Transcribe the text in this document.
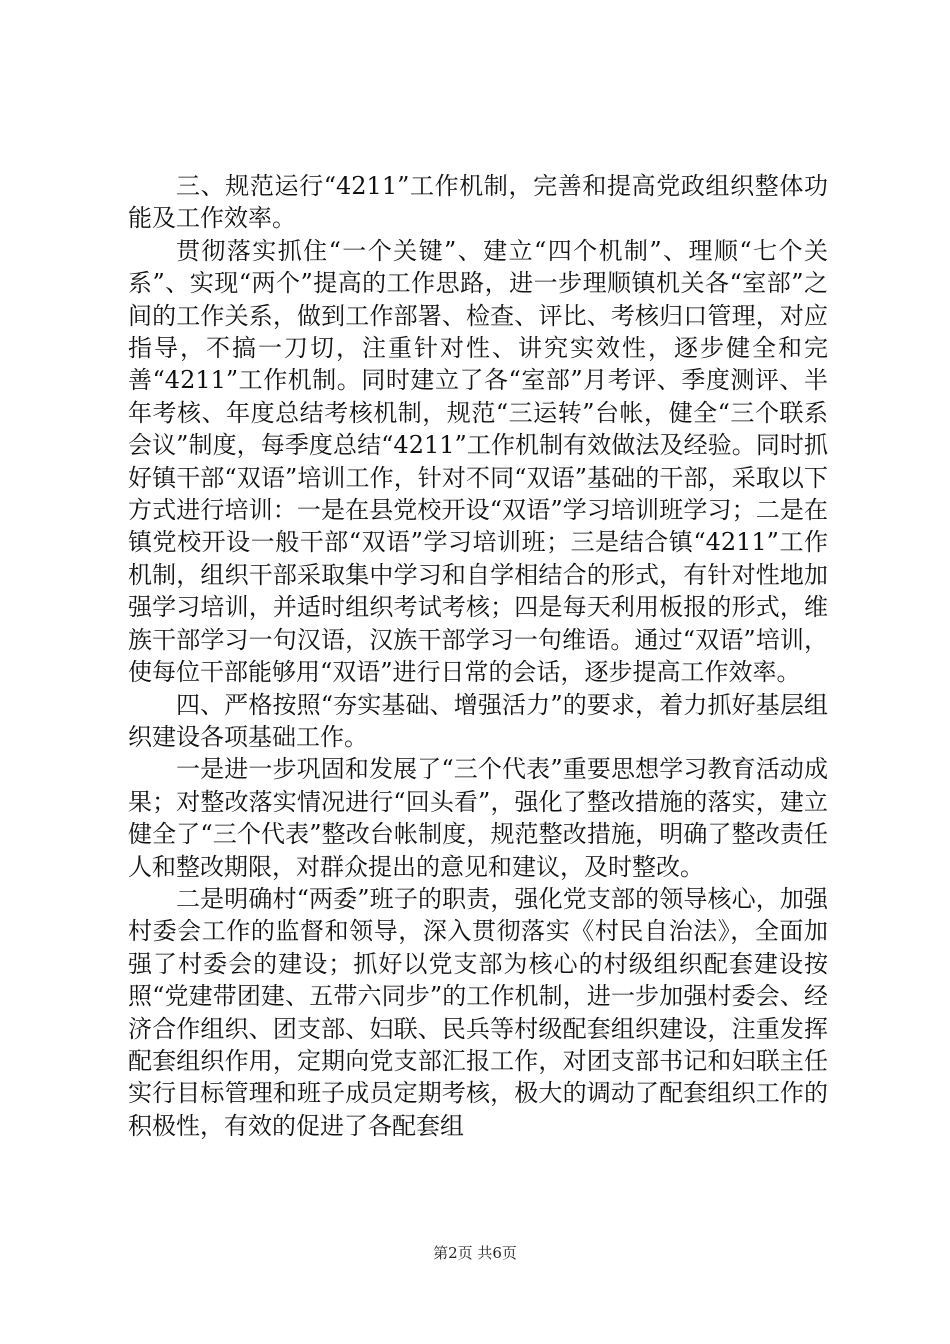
三、规范运行“4211”工作机制，完善和提高党政组织整体功能及工作效率。

贯彻落实抓住“一个关键”、建立“四个机制”、理顺“七个关系”、实现“两个”提高的工作思路，进一步理顺镇机关各“室部”之间的工作关系，做到工作部署、检查、评比、考核归口管理，对应指导，不搞一刀切，注重针对性、讲究实效性，逐步健全和完善“4211”工作机制。同时建立了各“室部”月考评、季度测评、半年考核、年度总结考核机制，规范“三运转”台帐，健全“三个联系会议”制度，每季度总结“4211”工作机制有效做法及经验。同时抓好镇干部“双语”培训工作，针对不同“双语”基础的干部，采取以下方式进行培训：一是在县党校开设“双语”学习培训班学习；二是在镇党校开设一般干部“双语”学习培训班；三是结合镇“4211”工作机制，组织干部采取集中学习和自学相结合的形式，有针对性地加强学习培训，并适时组织考试考核；四是每天利用板报的形式，维族干部学习一句汉语，汉族干部学习一句维语。通过“双语”培训，使每位干部能够用“双语”进行日常的会话，逐步提高工作效率。

四、严格按照“夯实基础、增强活力”的要求，着力抓好基层组织建设各项基础工作。

一是进一步巩固和发展了“三个代表”重要思想学习教育活动成果；对整改落实情况进行“回头看”，强化了整改措施的落实，建立健全了“三个代表”整改台帐制度，规范整改措施，明确了整改责任人和整改期限，对群众提出的意见和建议，及时整改。

二是明确村“两委”班子的职责，强化党支部的领导核心，加强村委会工作的监督和领导，深入贯彻落实《村民自治法》，全面加强了村委会的建设；抓好以党支部为核心的村级组织配套建设按照“党建带团建、五带六同步”的工作机制，进一步加强村委会、经济合作组织、团支部、妇联、民兵等村级配套组织建设，注重发挥配套组织作用，定期向党支部汇报工作，对团支部书记和妇联主任实行目标管理和班子成员定期考核，极大的调动了配套组织工作的积极性，有效的促进了各配套组

第2页 共6页
